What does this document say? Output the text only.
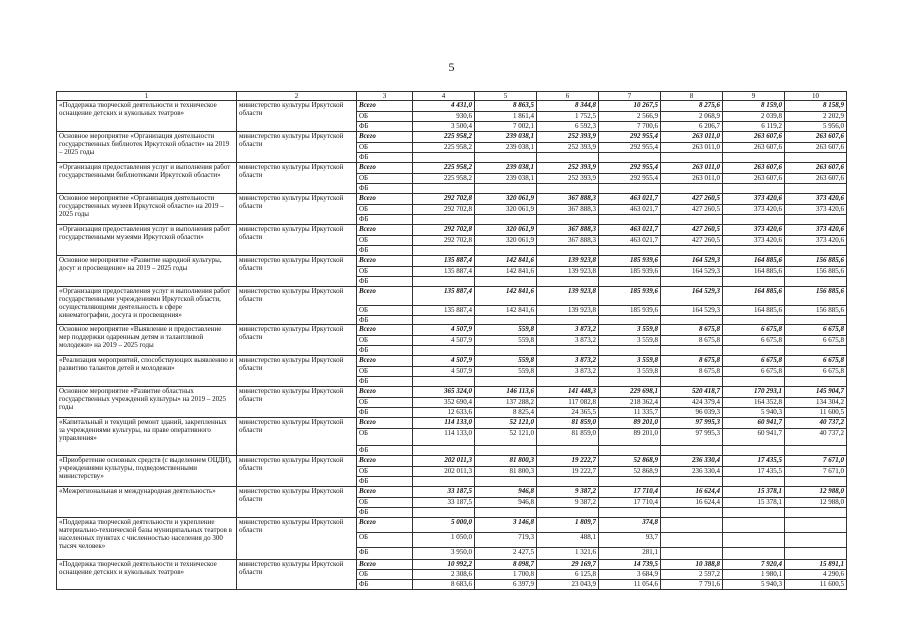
5
1	2	3	4	5	6	7	8	9	10
«Поддержка творческой деятельности и техническое оснащение детских и кукольных театров»	министерство культуры Иркутской области	Всего	4 431,0	8 863,5	8 344,8	10 267,5	8 275,6	8 159,0	8 158,9
		ОБ	930,6	1 861,4	1 752,5	2 566,9	2 068,9	2 039,8	2 202,9
		ФБ	3 500,4	7 002,1	6 592,3	7 700,6	6 206,7	6 119,2	5 956,0
Основное мероприятие «Организация деятельности государственных библиотек Иркутской области» на 2019 – 2025 годы	министерство культуры Иркутской области	Всего	225 958,2	239 038,1	252 393,9	292 955,4	263 011,0	263 607,6	263 607,6
		ОБ	225 958,2	239 038,1	252 393,9	292 955,4	263 011,0	263 607,6	263 607,6
		ФБ							
«Организация предоставления услуг и выполнения работ государственными библиотеками Иркутской области»	министерство культуры Иркутской области	Всего	225 958,2	239 038,1	252 393,9	292 955,4	263 011,0	263 607,6	263 607,6
		ОБ	225 958,2	239 038,1	252 393,9	292 955,4	263 011,0	263 607,6	263 607,6
		ФБ							
Основное мероприятие «Организация деятельности государственных музеев Иркутской области» на 2019 – 2025 годы	министерство культуры Иркутской области	Всего	292 702,8	320 061,9	367 888,3	463 021,7	427 260,5	373 420,6	373 420,6
		ОБ	292 702,8	320 061,9	367 888,3	463 021,7	427 260,5	373 420,6	373 420,6
		ФБ							
«Организация предоставления услуг и выполнения работ государственными музеями Иркутской области»	министерство культуры Иркутской области	Всего	292 702,8	320 061,9	367 888,3	463 021,7	427 260,5	373 420,6	373 420,6
		ОБ	292 702,8	320 061,9	367 888,3	463 021,7	427 260,5	373 420,6	373 420,6
		ФБ							
Основное мероприятие «Развитие народной культуры, досуг и просвещение» на 2019 – 2025 годы	министерство культуры Иркутской области	Всего	135 887,4	142 841,6	139 923,8	185 939,6	164 529,3	164 885,6	156 885,6
		ОБ	135 887,4	142 841,6	139 923,8	185 939,6	164 529,3	164 885,6	156 885,6
		ФБ							
«Организация предоставления услуг и выполнения работ государственными учреждениями Иркутской области, осуществляющими деятельность в сфере кинематографии, досуга и просвещения»	министерство культуры Иркутской области	Всего	135 887,4	142 841,6	139 923,8	185 939,6	164 529,3	164 885,6	156 885,6
		ОБ	135 887,4	142 841,6	139 923,8	185 939,6	164 529,3	164 885,6	156 885,6
		ФБ							
Основное мероприятие «Выявление и предоставление мер поддержки одаренным детям и талантливой молодежи» на 2019 – 2025 годы	министерство культуры Иркутской области	Всего	4 507,9	559,8	3 873,2	3 559,8	8 675,8	6 675,8	6 675,8
		ОБ	4 507,9	559,8	3 873,2	3 559,8	8 675,8	6 675,8	6 675,8
		ФБ							
«Реализация мероприятий, способствующих выявлению и развитию талантов детей и молодежи»	министерство культуры Иркутской области	Всего	4 507,9	559,8	3 873,2	3 559,8	8 675,8	6 675,8	6 675,8
		ОБ	4 507,9	559,8	3 873,2	3 559,8	8 675,8	6 675,8	6 675,8
		ФБ							
Основное мероприятие «Развитие областных государственных учреждений культуры» на 2019 – 2025 годы	министерство культуры Иркутской области	Всего	365 324,0	146 113,6	141 448,3	229 698,1	520 418,7	170 293,1	145 904,7
		ОБ	352 690,4	137 288,2	117 082,8	218 362,4	424 379,4	164 352,8	134 304,2
		ФБ	12 633,6	8 825,4	24 365,5	11 335,7	96 039,3	5 940,3	11 600,5
«Капитальный и текущий ремонт зданий, закрепленных за учреждениями культуры, на праве оперативного управления»	министерство культуры Иркутской области	Всего	114 133,0	52 121,0	81 859,0	89 201,0	97 995,3	60 941,7	40 737,2
		ОБ	114 133,0	52 121,0	81 859,0	89 201,0	97 995,3	60 941,7	40 737,2
		ФБ							
«Приобретение основных средств (с выделением ОЦДИ), учреждениями культуры, подведомственными министерству»	министерство культуры Иркутской области	Всего	202 011,3	81 800,3	19 222,7	52 868,9	236 330,4	17 435,5	7 671,0
		ОБ	202 011,3	81 800,3	19 222,7	52 868,9	236 330,4	17 435,5	7 671,0
		ФБ							
«Межрегиональная и международная деятельность»	министерство культуры Иркутской области	Всего	33 187,5	946,8	9 387,2	17 710,4	16 624,4	15 378,1	12 988,0
		ОБ	33 187,5	946,8	9 387,2	17 710,4	16 624,4	15 378,1	12 988,0
		ФБ							
«Поддержка творческой деятельности и укрепление материально-технической базы муниципальных театров в населенных пунктах с численностью населения до 300 тысяч человек»	министерство культуры Иркутской области	Всего	5 000,0	3 146,8	1 809,7	374,8			
		ОБ	1 050,0	719,3	488,1	93,7			
		ФБ	3 950,0	2 427,5	1 321,6	281,1			
«Поддержка творческой деятельности и техническое оснащение детских и кукольных театров»	министерство культуры Иркутской области	Всего	10 992,2	8 098,7	29 169,7	14 739,5	10 388,8	7 920,4	15 891,1
		ОБ	2 308,6	1 700,8	6 125,8	3 684,9	2 597,2	1 980,1	4 290,6
		ФБ	8 683,6	6 397,9	23 043,9	11 054,6	7 791,6	5 940,3	11 600,5
